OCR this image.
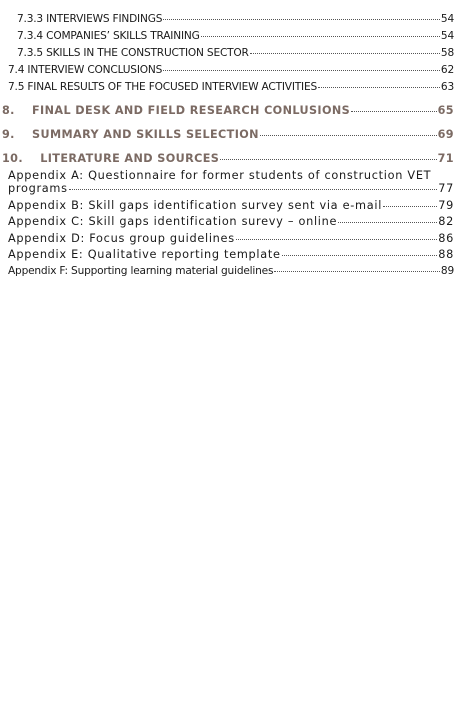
7.3.3 INTERVIEWS FINDINGS	54
7.3.4 COMPANIES’ SKILLS TRAINING	54
7.3.5 SKILLS IN THE CONSTRUCTION SECTOR	58
7.4 INTERVIEW CONCLUSIONS	62
7.5 FINAL RESULTS OF THE FOCUSED INTERVIEW ACTIVITIES	63
8.    FINAL DESK AND FIELD RESEARCH CONLUSIONS	65
9.    SUMMARY AND SKILLS SELECTION	69
10.    LITERATURE AND SOURCES	71
Appendix A: Questionnaire for former students of construction VET
programs	77
Appendix B: Skill gaps identification survey sent via e-mail	79
Appendix C: Skill gaps identification surevy – online	82
Appendix D: Focus group guidelines	86
Appendix E: Qualitative reporting template	88
Appendix F: Supporting learning material guidelines	89
